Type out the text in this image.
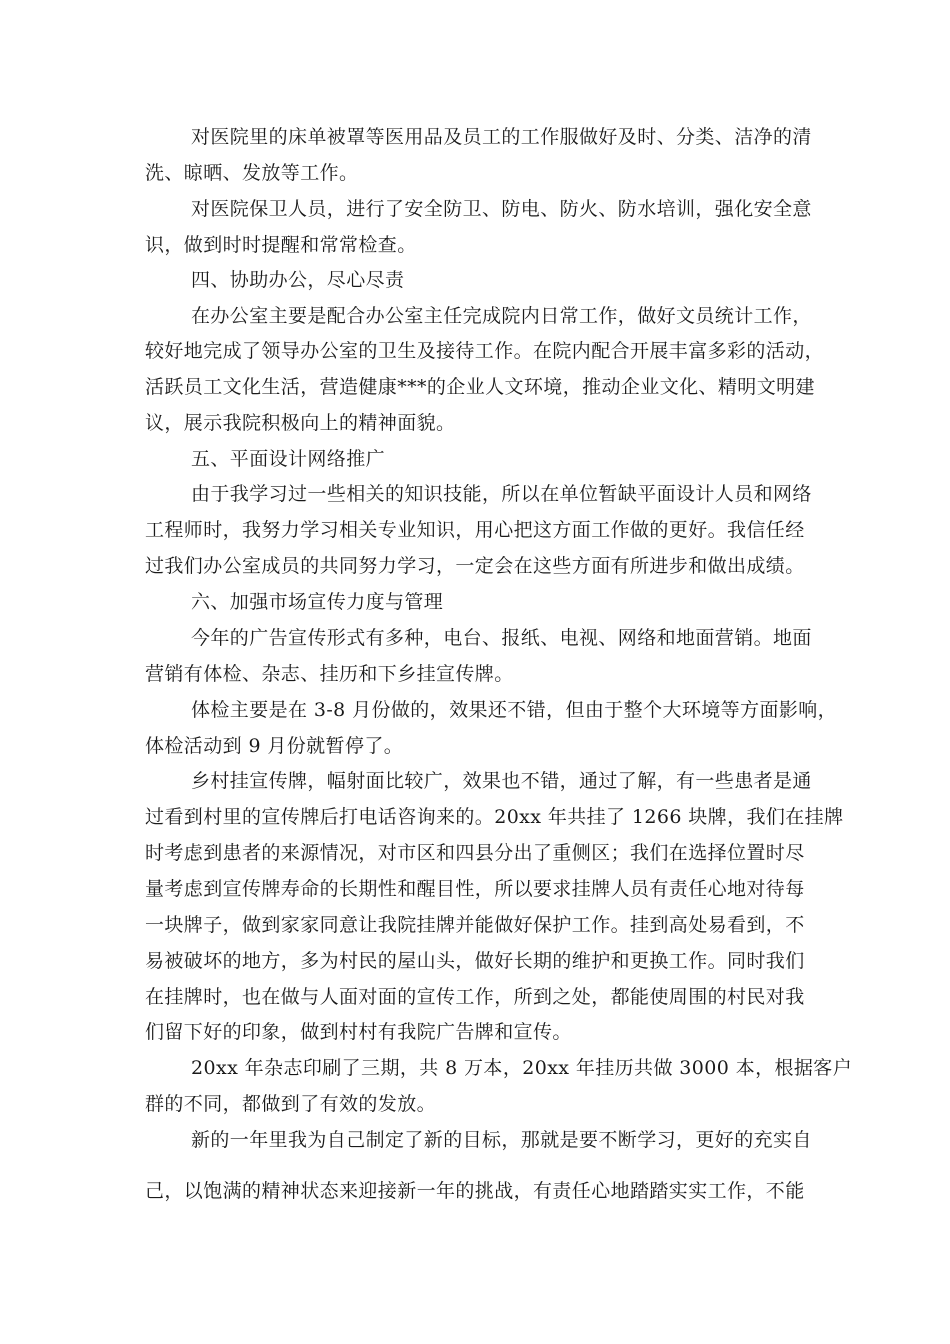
对医院里的床单被罩等医用品及员工的工作服做好及时、分类、洁净的清
洗、晾晒、发放等工作。
对医院保卫人员，进行了安全防卫、防电、防火、防水培训，强化安全意
识，做到时时提醒和常常检查。
四、协助办公，尽心尽责
在办公室主要是配合办公室主任完成院内日常工作，做好文员统计工作，
较好地完成了领导办公室的卫生及接待工作。在院内配合开展丰富多彩的活动，
活跃员工文化生活，营造健康***的企业人文环境，推动企业文化、精明文明建
议，展示我院积极向上的精神面貌。
五、平面设计网络推广
由于我学习过一些相关的知识技能，所以在单位暂缺平面设计人员和网络
工程师时，我努力学习相关专业知识，用心把这方面工作做的更好。我信任经
过我们办公室成员的共同努力学习，一定会在这些方面有所进步和做出成绩。
六、加强市场宣传力度与管理
今年的广告宣传形式有多种，电台、报纸、电视、网络和地面营销。地面
营销有体检、杂志、挂历和下乡挂宣传牌。
体检主要是在 3-8 月份做的，效果还不错，但由于整个大环境等方面影响，
体检活动到 9 月份就暂停了。
乡村挂宣传牌，幅射面比较广，效果也不错，通过了解，有一些患者是通
过看到村里的宣传牌后打电话咨询来的。20xx 年共挂了 1266 块牌，我们在挂牌
时考虑到患者的来源情况，对市区和四县分出了重侧区；我们在选择位置时尽
量考虑到宣传牌寿命的长期性和醒目性，所以要求挂牌人员有责任心地对待每
一块牌子，做到家家同意让我院挂牌并能做好保护工作。挂到高处易看到，不
易被破坏的地方，多为村民的屋山头，做好长期的维护和更换工作。同时我们
在挂牌时，也在做与人面对面的宣传工作，所到之处，都能使周围的村民对我
们留下好的印象，做到村村有我院广告牌和宣传。
20xx 年杂志印刷了三期，共 8 万本，20xx 年挂历共做 3000 本，根据客户
群的不同，都做到了有效的发放。
新的一年里我为自己制定了新的目标，那就是要不断学习，更好的充实自
己，以饱满的精神状态来迎接新一年的挑战，有责任心地踏踏实实工作，不能
